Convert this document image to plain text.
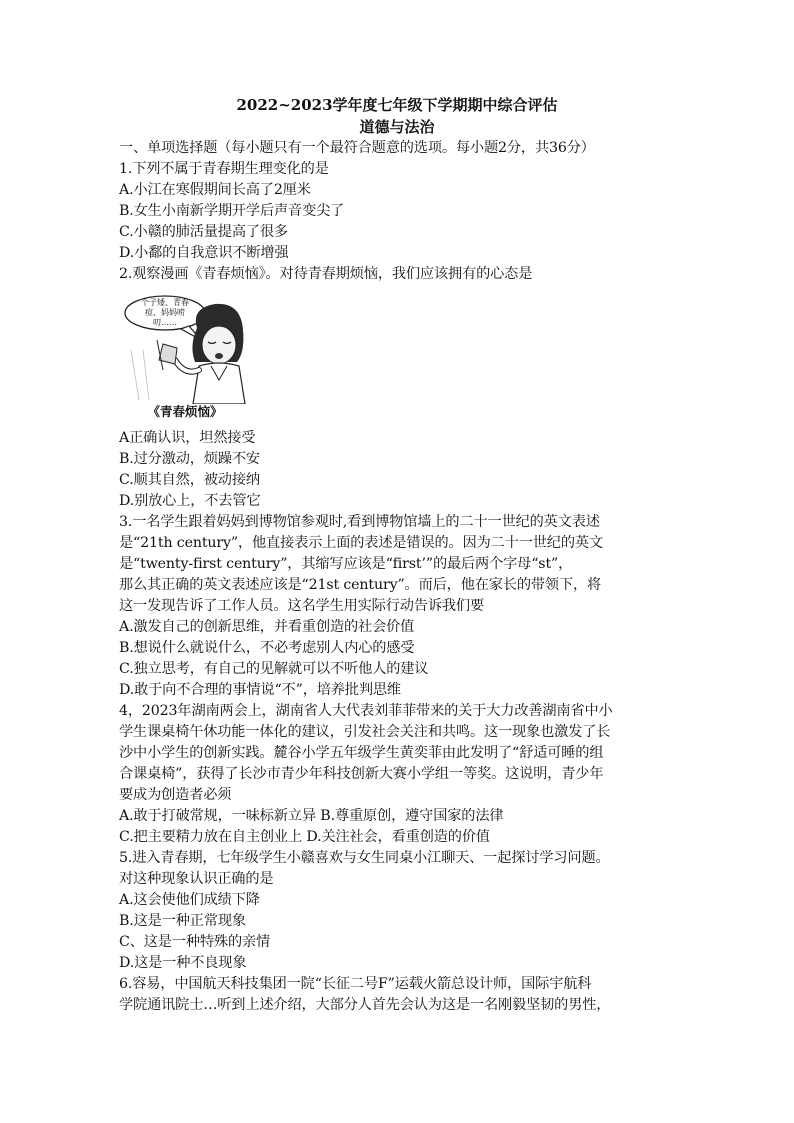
2022~2023学年度七年级下学期期中综合评估
道德与法治
一、单项选择题（每小题只有一个最符合题意的选项。每小题2分，共36分）
1.下列不属于青春期生理变化的是
A.小江在寒假期间长高了2厘米
B.女生小南新学期开学后声音变尖了
C.小赣的肺活量提高了很多
D.小鄱的自我意识不断增强
2.观察漫画《青春烦恼》。对待青春期烦恼，我们应该拥有的心态是
个子矮、青春痘、妈妈唠叨……
《青春烦恼》
A正确认识，坦然接受
B.过分激动，烦躁不安
C.顺其自然，被动接纳
D.别放心上，不去管它
3.一名学生跟着妈妈到博物馆参观时,看到博物馆墙上的二十一世纪的英文表述
是“21th century”，他直接表示上面的表述是错误的。因为二十一世纪的英文
是“twenty-first century”，其缩写应该是“first’”的最后两个字母“st”，
那么其正确的英文表述应该是“21st century”。而后，他在家长的带领下，将
这一发现告诉了工作人员。这名学生用实际行动告诉我们要
A.激发自己的创新思维，并看重创造的社会价值
B.想说什么就说什么，不必考虑别人内心的感受
C.独立思考，有自己的见解就可以不听他人的建议
D.敢于向不合理的事情说“不”，培养批判思维
4，2023年湖南两会上，湖南省人大代表刘菲菲带来的关于大力改善湖南省中小
学生课桌椅午休功能一体化的建议，引发社会关注和共鸣。这一现象也激发了长
沙中小学生的创新实践。麓谷小学五年级学生黄奕菲由此发明了“舒适可睡的组
合课桌椅”，获得了长沙市青少年科技创新大赛小学组一等奖。这说明，青少年
要成为创造者必须
A.敢于打破常规，一味标新立异 B.尊重原创，遵守国家的法律
C.把主要精力放在自主创业上 D.关注社会，看重创造的价值
5.进入青春期，七年级学生小赣喜欢与女生同桌小江聊天、一起探讨学习问题。
对这种现象认识正确的是
A.这会使他们成绩下降
B.这是一种正常现象
C、这是一种特殊的亲情
D.这是一种不良现象
6.容易，中国航天科技集团一院“长征二号F”运载火箭总设计师，国际宇航科
学院通讯院士…听到上述介绍，大部分人首先会认为这是一名刚毅坚韧的男性，
